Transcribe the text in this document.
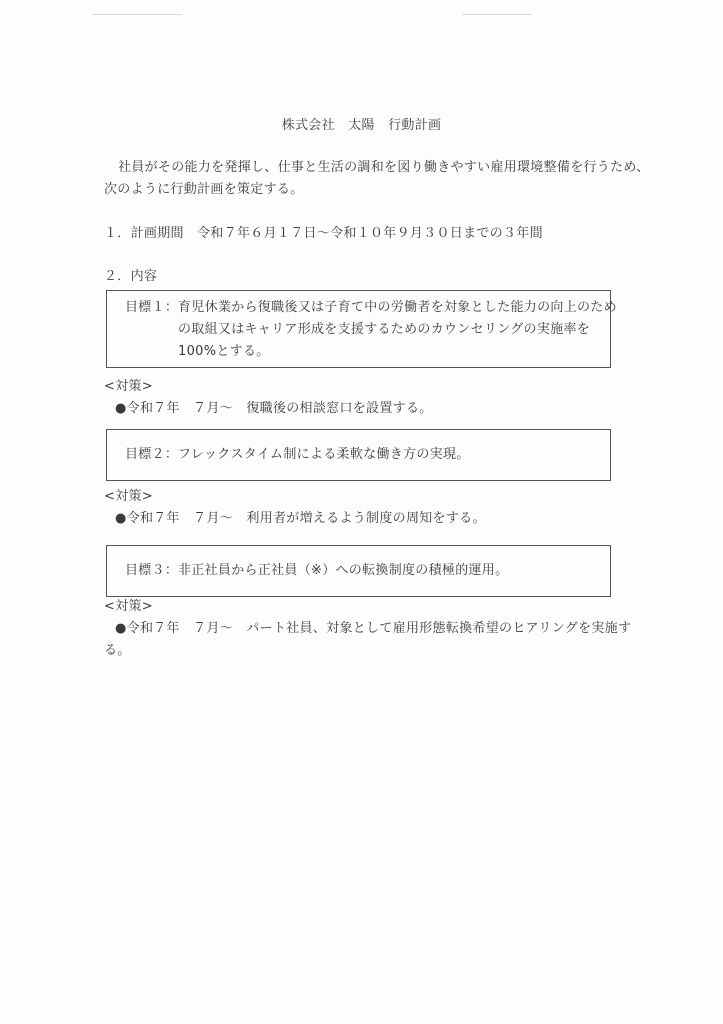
株式会社　太陽　行動計画
社員がその能力を発揮し、仕事と生活の調和を図り働きやすい雇用環境整備を行うため、
次のように行動計画を策定する。
１．計画期間　令和７年６月１７日～令和１０年９月３０日までの３年間
２．内容
目標１： 育児休業から復職後又は子育て中の労働者を対象とした能力の向上のため
の取組又はキャリア形成を支援するためのカウンセリングの実施率を
100%とする。
<対策>
●令和７年　７月～　復職後の相談窓口を設置する。
目標２： フレックスタイム制による柔軟な働き方の実現。
<対策>
●令和７年　７月～　利用者が増えるよう制度の周知をする。
目標３： 非正社員から正社員（※）への転換制度の積極的運用。
<対策>
●令和７年　７月～　パート社員、対象として雇用形態転換希望のヒアリングを実施す
る。
